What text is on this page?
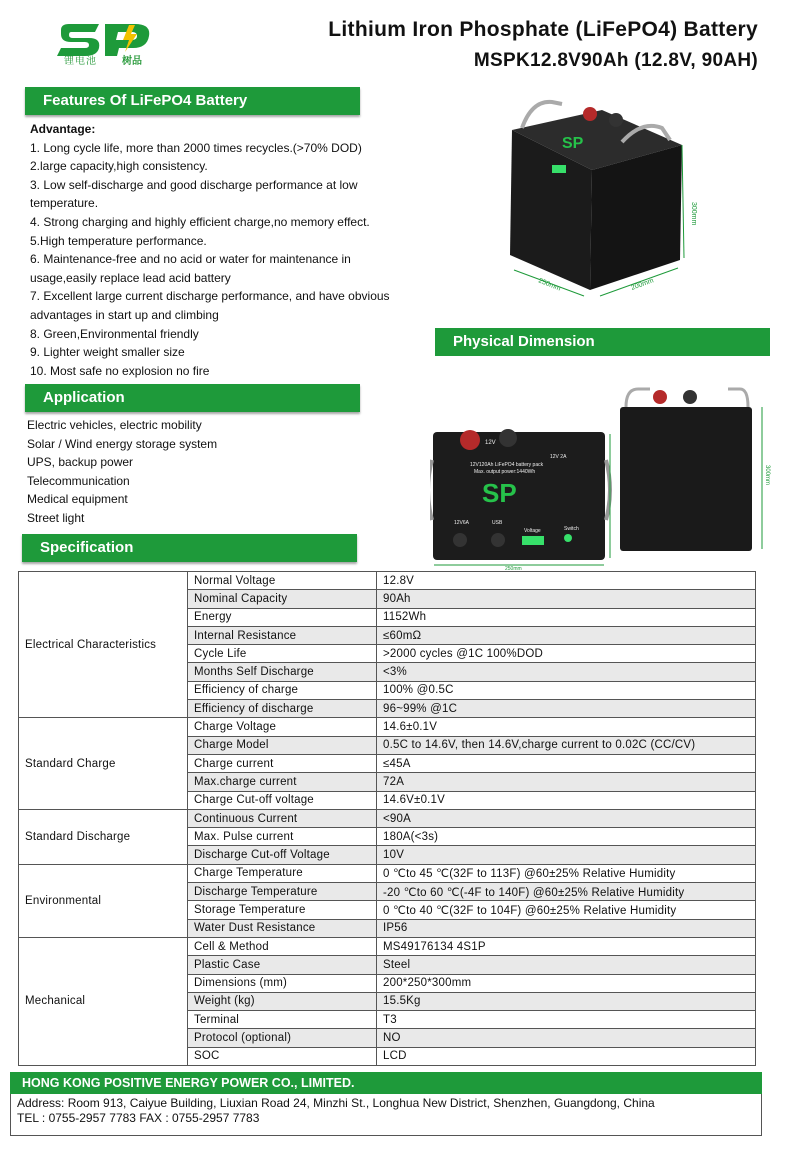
锂电池	树品
Lithium Iron Phosphate (LiFePO4) Battery
MSPK12.8V90Ah (12.8V, 90AH)
Features Of LiFePO4 Battery
Advantage:
1. Long cycle life, more than 2000 times recycles.(>70% DOD)
2.large capacity,high consistency.
3. Low self-discharge and good discharge performance at low temperature.
4. Strong charging and highly efficient charge,no memory effect.
5.High temperature performance.
6. Maintenance-free and no acid or water for maintenance in usage,easily replace lead acid battery
7. Excellent large current discharge performance, and have obvious advantages in start up and climbing
8. Green,Environmental friendly
9. Lighter weight smaller size
10. Most safe no explosion no fire
SP
300mm
250mm	200mm
Physical Dimension
Application
Electric vehicles, electric mobility
Solar / Wind energy storage system
UPS, backup power
Telecommunication
Medical equipment
Street light
12V
12V 2A
12V120Ah LiFePO4 battery pack
Max. output power:1440Wh
SP
12V6A	USB
Voltage	Switch
200mm
250mm
300mm
Specification
Electrical Characteristics	Normal Voltage	12.8V
	Nominal Capacity	90Ah
	Energy	1152Wh
	Internal Resistance	≤60mΩ
	Cycle Life	>2000 cycles @1C 100%DOD
	Months Self Discharge	<3%
	Efficiency of charge	100% @0.5C
	Efficiency of discharge	96~99% @1C
Standard Charge	Charge Voltage	14.6±0.1V
	Charge Model	0.5C to 14.6V, then 14.6V,charge current to 0.02C (CC/CV)
	Charge current	≤45A
	Max.charge current	72A
	Charge Cut-off voltage	14.6V±0.1V
Standard Discharge	Continuous Current	<90A
	Max. Pulse current	180A(<3s)
	Discharge Cut-off Voltage	10V
Environmental	Charge Temperature	0 ℃to 45 ℃(32F to 113F) @60±25% Relative Humidity
	Discharge Temperature	-20 ℃to 60 ℃(-4F to 140F) @60±25% Relative Humidity
	Storage Temperature	0 ℃to 40 ℃(32F to 104F) @60±25% Relative Humidity
	Water Dust Resistance	IP56
Mechanical	Cell & Method	MS49176134 4S1P
	Plastic Case	Steel
	Dimensions (mm)	200*250*300mm
	Weight (kg)	15.5Kg
	Terminal	T3
	Protocol (optional)	NO
	SOC	LCD
HONG KONG POSITIVE ENERGY POWER CO., LIMITED.
Address: Room 913, Caiyue Building, Liuxian Road 24, Minzhi St., Longhua New District, Shenzhen, Guangdong, China
TEL : 0755-2957 7783 FAX : 0755-2957 7783
